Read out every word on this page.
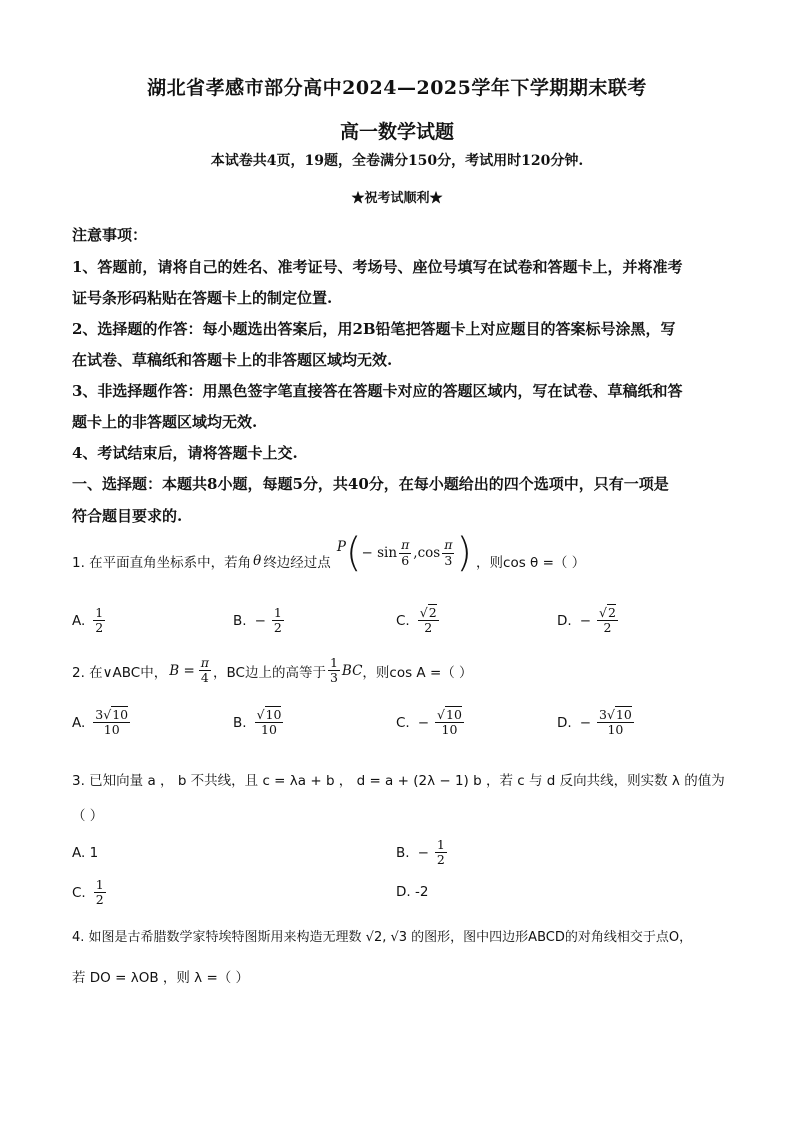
湖北省孝感市部分高中2024—2025学年下学期期末联考
高一数学试题
本试卷共4页，19题，全卷满分150分，考试用时120分钟.
★祝考试顺利★
注意事项：
1、答题前，请将自己的姓名、准考证号、考场号、座位号填写在试卷和答题卡上，并将准考
证号条形码粘贴在答题卡上的制定位置.
2、选择题的作答：每小题选出答案后，用2B铅笔把答题卡上对应题目的答案标号涂黑，写
在试卷、草稿纸和答题卡上的非答题区域均无效.
3、非选择题作答：用黑色签字笔直接答在答题卡对应的答题区域内，写在试卷、草稿纸和答
题卡上的非答题区域均无效.
4、考试结束后，请将答题卡上交.
一、选择题：本题共8小题，每题5分，共40分，在每小题给出的四个选项中，只有一项是
符合题目要求的.
1. 在平面直角坐标系中，若角 θ 终边经过点
P ( − $\sin \frac{\pi}{6} ,\cos \frac{\pi}{3}$ ) ，则cos θ =（ ）
A. $\frac{1}{2}$	B. − $\frac{1}{2}$	C. $\frac{√2}{2}$	D. − $\frac{√2}{2}$
2. 在∨ABC中， $B = \frac{\pi}{4}$ ，BC边上的高等于 $\frac{1}{3}$ BC ，则cos A =（ ）
A. $\frac{3√10}{10}$	B. $\frac{√10}{10}$	C. − $\frac{√10}{10}$	D. − $\frac{3√10}{10}$
3. 已知向量 a ， b 不共线，且 c = λa + b ， d = a + (2λ − 1) b ，若 c 与 d 反向共线，则实数 λ 的值为
（ ）
A. 1	B. − $\frac{1}{2}$
C. $\frac{1}{2}$	D. -2
4. 如图是古希腊数学家特埃特图斯用来构造无理数 √2, √3 的图形，图中四边形ABCD的对角线相交于点O，
若 DO = λOB ，则 λ =（ ）
